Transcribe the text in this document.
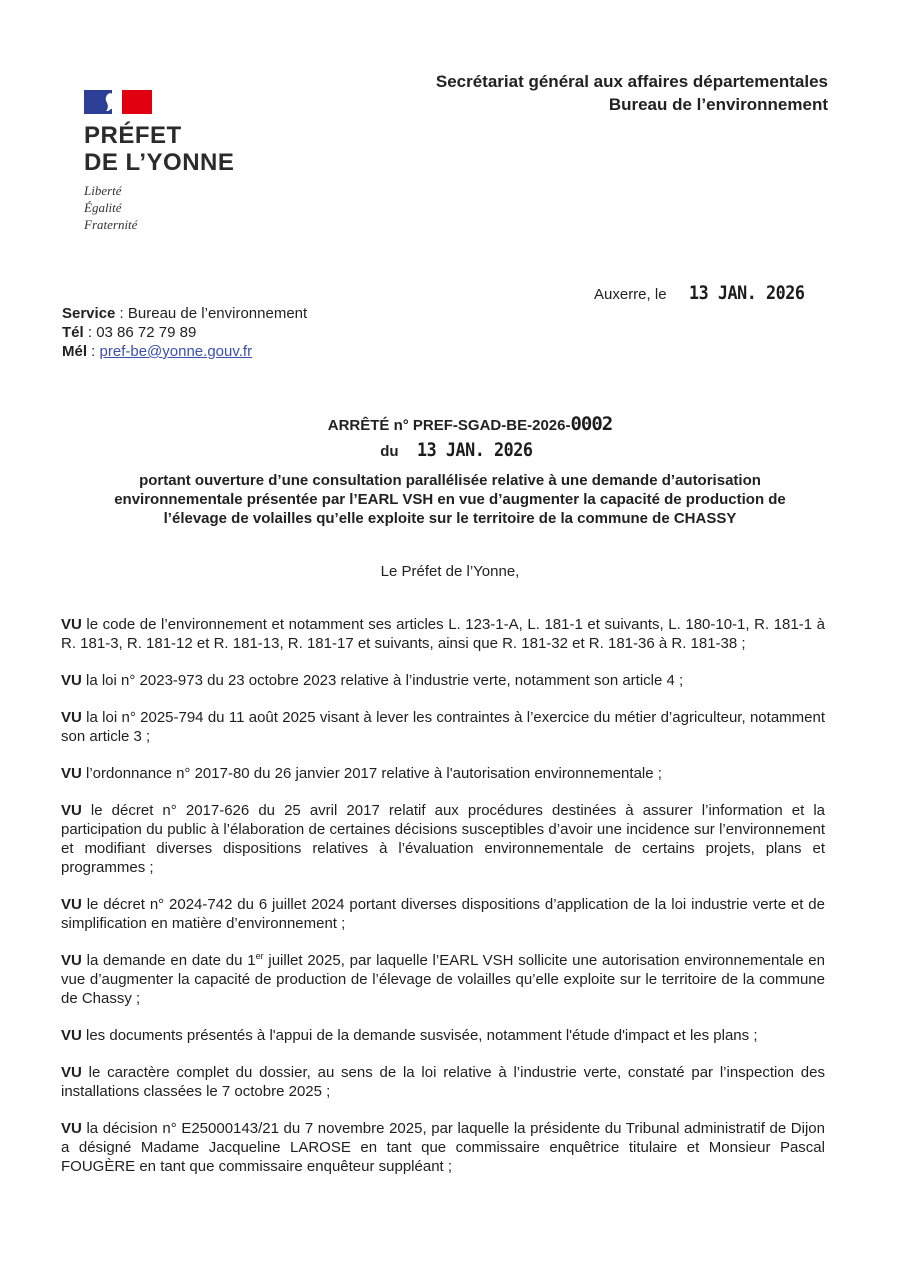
PRÉFET
DE L’YONNE
Liberté
Égalité
Fraternité
Secrétariat général aux affaires départementales
Bureau de l’environnement
Auxerre, le 13 JAN. 2026
Service : Bureau de l’environnement
Tél : 03 86 72 79 89
Mél : pref-be@yonne.gouv.fr
ARRÊTÉ n° PREF-SGAD-BE-2026-0002
du 13 JAN. 2026
portant ouverture d’une consultation parallélisée relative à une demande d’autorisation environnementale présentée par l’EARL VSH en vue d’augmenter la capacité de production de l’élevage de volailles qu’elle exploite sur le territoire de la commune de CHASSY
Le Préfet de l’Yonne,

VU le code de l’environnement et notamment ses articles L. 123-1-A, L. 181-1 et suivants, L. 180-10-1, R. 181-1 à R. 181-3, R. 181-12 et R. 181-13, R. 181-17 et suivants, ainsi que R. 181-32 et R. 181-36 à R. 181-38 ;

VU la loi n° 2023-973 du 23 octobre 2023 relative à l’industrie verte, notamment son article 4 ;

VU la loi n° 2025-794 du 11 août 2025 visant à lever les contraintes à l’exercice du métier d’agriculteur, notamment son article 3 ;

VU l’ordonnance n° 2017-80 du 26 janvier 2017 relative à l'autorisation environnementale ;

VU le décret n° 2017-626 du 25 avril 2017 relatif aux procédures destinées à assurer l’information et la participation du public à l’élaboration de certaines décisions susceptibles d’avoir une incidence sur l’environnement et modifiant diverses dispositions relatives à l’évaluation environnementale de certains projets, plans et programmes ;

VU le décret n° 2024-742 du 6 juillet 2024 portant diverses dispositions d’application de la loi industrie verte et de simplification en matière d’environnement ;

VU la demande en date du 1er juillet 2025, par laquelle l’EARL VSH sollicite une autorisation environnementale en vue d’augmenter la capacité de production de l’élevage de volailles qu’elle exploite sur le territoire de la commune de Chassy ;

VU les documents présentés à l'appui de la demande susvisée, notamment l'étude d'impact et les plans ;

VU le caractère complet du dossier, au sens de la loi relative à l’industrie verte, constaté par l’inspection des installations classées le 7 octobre 2025 ;

VU la décision n° E25000143/21 du 7 novembre 2025, par laquelle la présidente du Tribunal administratif de Dijon a désigné Madame Jacqueline LAROSE en tant que commissaire enquêtrice titulaire et Monsieur Pascal FOUGÈRE en tant que commissaire enquêteur suppléant ;
